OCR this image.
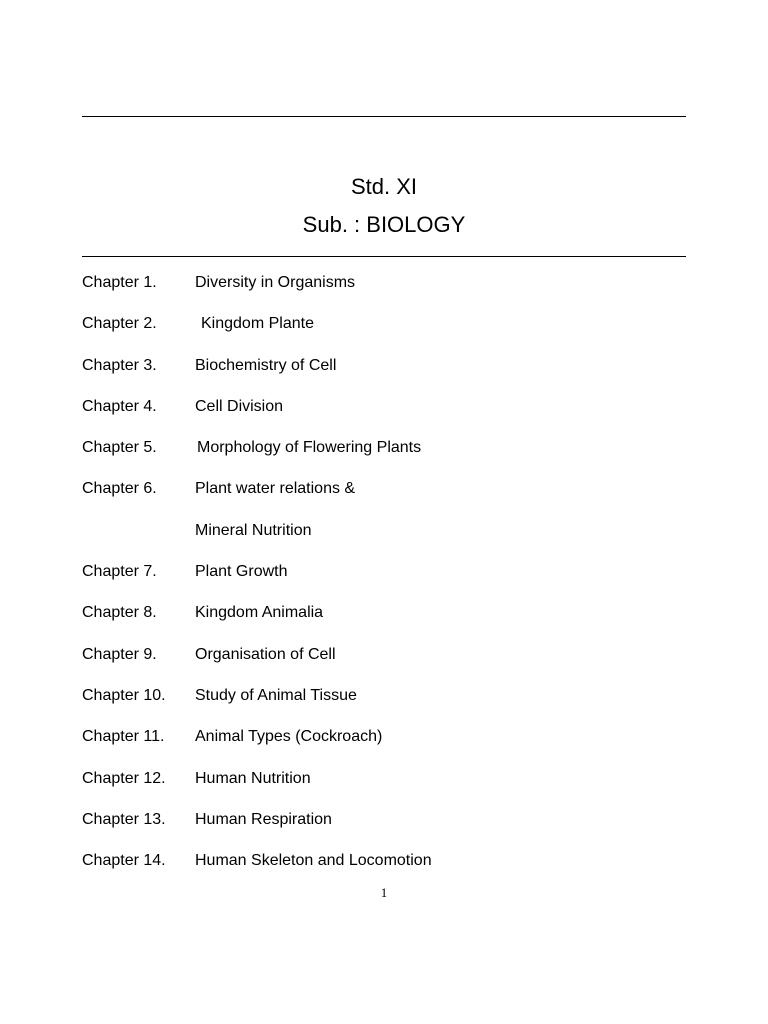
Std. XI
Sub. : BIOLOGY
Chapter 1. Diversity in Organisms
Chapter 2.	Kingdom Plante
Chapter 3. Biochemistry of Cell
Chapter 4. Cell Division
Chapter 5.	Morphology of Flowering Plants
Chapter 6. Plant water relations &
Mineral Nutrition
Chapter 7. Plant Growth
Chapter 8. Kingdom Animalia
Chapter 9. Organisation of Cell
Chapter 10. Study of Animal Tissue
Chapter 11. Animal Types (Cockroach)
Chapter 12. Human Nutrition
Chapter 13. Human Respiration
Chapter 14. Human Skeleton and Locomotion
1
